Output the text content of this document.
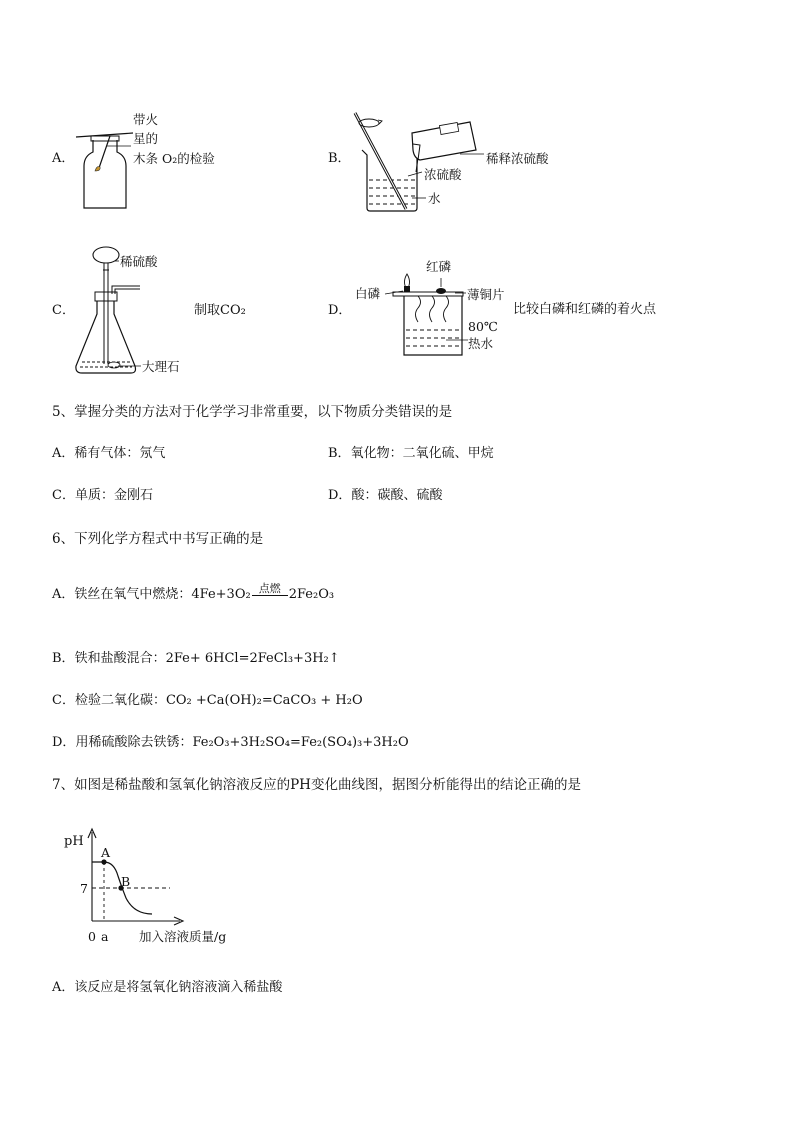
A．
带火
星的
木条 O₂的检验	B．	稀释浓硫酸
浓硫酸
水
C．
稀硫酸
大理石
制取CO₂	D．
红磷
白磷	薄铜片
80℃
热水
比较白磷和红磷的着火点
5、掌握分类的方法对于化学学习非常重要，以下物质分类错误的是
A．稀有气体：氖气	B．氧化物：二氧化硫、甲烷
C．单质：金刚石	D．酸：碳酸、硫酸
6、下列化学方程式中书写正确的是
A．铁丝在氧气中燃烧：4Fe+3O₂ 点燃 2Fe₂O₃
B．铁和盐酸混合：2Fe+ 6HCl=2FeCl₃+3H₂↑
C．检验二氧化碳：CO₂ +Ca(OH)₂=CaCO₃ + H₂O
D．用稀硫酸除去铁锈：Fe₂O₃+3H₂SO₄=Fe₂(SO₄)₃+3H₂O
7、如图是稀盐酸和氢氧化钠溶液反应的PH变化曲线图，据图分析能得出的结论正确的是
pH
7
A
B
0 a 加入溶液质量/g
A．该反应是将氢氧化钠溶液滴入稀盐酸
